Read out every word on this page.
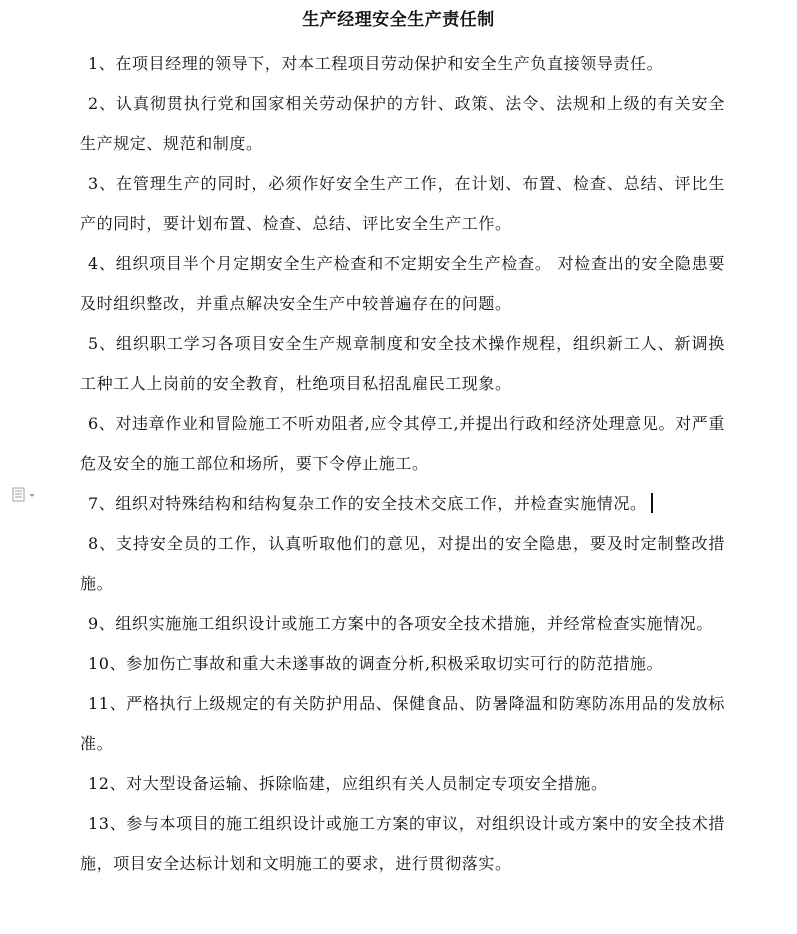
生产经理安全生产责任制
1、在项目经理的领导下，对本工程项目劳动保护和安全生产负直接领导责任。
2、认真彻贯执行党和国家相关劳动保护的方针、政策、法令、法规和上级的有关安全生产规定、规范和制度。
3、在管理生产的同时，必须作好安全生产工作，在计划、布置、检查、总结、评比生产的同时，要计划布置、检查、总结、评比安全生产工作。
4、组织项目半个月定期安全生产检查和不定期安全生产检查。 对检查出的安全隐患要及时组织整改，并重点解决安全生产中较普遍存在的问题。
5、组织职工学习各项目安全生产规章制度和安全技术操作规程，组织新工人、新调换工种工人上岗前的安全教育，杜绝项目私招乱雇民工现象。
6、对违章作业和冒险施工不听劝阻者,应令其停工,并提出行政和经济处理意见。对严重危及安全的施工部位和场所，要下令停止施工。
7、组织对特殊结构和结构复杂工作的安全技术交底工作，并检查实施情况。
8、支持安全员的工作，认真听取他们的意见，对提出的安全隐患，要及时定制整改措施。
9、组织实施施工组织设计或施工方案中的各项安全技术措施，并经常检查实施情况。
10、参加伤亡事故和重大未遂事故的调查分析,积极采取切实可行的防范措施。
11、严格执行上级规定的有关防护用品、保健食品、防暑降温和防寒防冻用品的发放标准。
12、对大型设备运输、拆除临建，应组织有关人员制定专项安全措施。
13、参与本项目的施工组织设计或施工方案的审议，对组织设计或方案中的安全技术措施，项目安全达标计划和文明施工的要求，进行贯彻落实。
